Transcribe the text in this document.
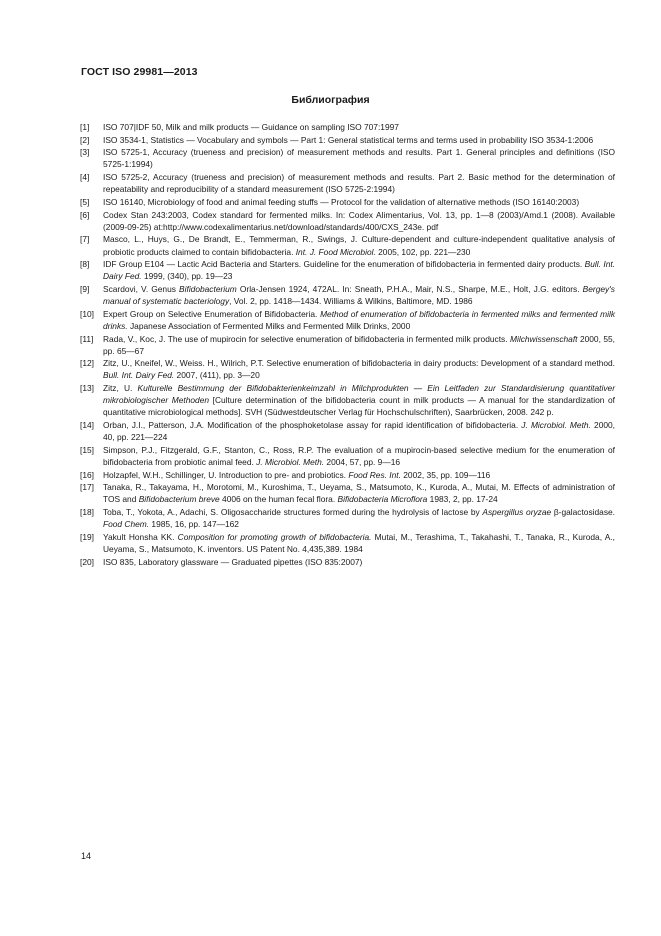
ГОСТ ISO 29981—2013
Библиография
[1]	ISO 707|IDF 50, Milk and milk products — Guidance on sampling ISO 707:1997
[2]	ISO 3534-1, Statistics — Vocabulary and symbols — Part 1: General statistical terms and terms used in probability ISO 3534-1:2006
[3]	ISO 5725-1, Accuracy (trueness and precision) of measurement methods and results. Part 1. General principles and definitions (ISO 5725-1:1994)
[4]	ISO 5725-2, Accuracy (trueness and precision) of measurement methods and results. Part 2. Basic method for the determination of repeatability and reproducibility of a standard measurement (ISO 5725-2:1994)
[5]	ISO 16140, Microbiology of food and animal feeding stuffs — Protocol for the validation of alternative methods (ISO 16140:2003)
[6]	Codex Stan 243:2003, Codex standard for fermented milks. In: Codex Alimentarius, Vol. 13, pp. 1—8 (2003)/Amd.1 (2008). Available (2009-09-25) at:http://www.codexalimentarius.net/download/standards/400/CXS_243e. pdf
[7]	Masco, L., Huys, G., De Brandt, E., Temmerman, R., Swings, J. Culture-dependent and culture-independent qualitative analysis of probiotic products claimed to contain bifidobacteria. Int. J. Food Microbiol. 2005, 102, pp. 221—230
[8]	IDF Group E104 — Lactic Acid Bacteria and Starters. Guideline for the enumeration of bifidobacteria in fermented dairy products. Bull. Int. Dairy Fed. 1999, (340), pp. 19—23
[9]	Scardovi, V. Genus Bifidobacterium Orla-Jensen 1924, 472AL. In: Sneath, P.H.A., Mair, N.S., Sharpe, M.E., Holt, J.G. editors. Bergey's manual of systematic bacteriology, Vol. 2, pp. 1418—1434. Williams & Wilkins, Baltimore, MD. 1986
[10]	Expert Group on Selective Enumeration of Bifidobacteria. Method of enumeration of bifidobacteria in fermented milks and fermented milk drinks. Japanese Association of Fermented Milks and Fermented Milk Drinks, 2000
[11]	Rada, V., Koc, J. The use of mupirocin for selective enumeration of bifidobacteria in fermented milk products. Milchwissenschaft 2000, 55, pp. 65—67
[12]	Zitz, U., Kneifel, W., Weiss. H., Wilrich, P.T. Selective enumeration of bifidobacteria in dairy products: Development of a standard method. Bull. Int. Dairy Fed. 2007, (411), pp. 3—20
[13]	Zitz, U. Kulturelle Bestimmung der Bifidobakterienkeimzahl in Milchprodukten — Ein Leitfaden zur Standardisierung quantitativer mikrobiologischer Methoden [Culture determination of the bifidobacteria count in milk products — A manual for the standardization of quantitative microbiological methods]. SVH (Südwestdeutscher Verlag für Hochschulschriften), Saarbrücken, 2008. 242 p.
[14]	Orban, J.I., Patterson, J.A. Modification of the phosphoketolase assay for rapid identification of bifidobacteria. J. Microbiol. Meth. 2000, 40, pp. 221—224
[15]	Simpson, P.J., Fitzgerald, G.F., Stanton, C., Ross, R.P. The evaluation of a mupirocin-based selective medium for the enumeration of bifidobacteria from probiotic animal feed. J. Microbiol. Meth. 2004, 57, pp. 9—16
[16]	Holzapfel, W.H., Schillinger, U. Introduction to pre- and probiotics. Food Res. Int. 2002, 35, pp. 109—116
[17]	Tanaka, R., Takayama, H., Morotomi, M., Kuroshima, T., Ueyama, S., Matsumoto, K., Kuroda, A., Mutai, M. Effects of administration of TOS and Bifidobacterium breve 4006 on the human fecal flora. Bifidobacteria Microflora 1983, 2, pp. 17-24
[18]	Toba, T., Yokota, A., Adachi, S. Oligosaccharide structures formed during the hydrolysis of lactose by Aspergillus oryzae β-galactosidase. Food Chem. 1985, 16, pp. 147—162
[19]	Yakult Honsha KK. Composition for promoting growth of bifidobacteria. Mutai, M., Terashima, T., Takahashi, T., Tanaka, R., Kuroda, A., Ueyama, S., Matsumoto, K. inventors. US Patent No. 4,435,389. 1984
[20]	ISO 835, Laboratory glassware — Graduated pipettes (ISO 835:2007)
14
